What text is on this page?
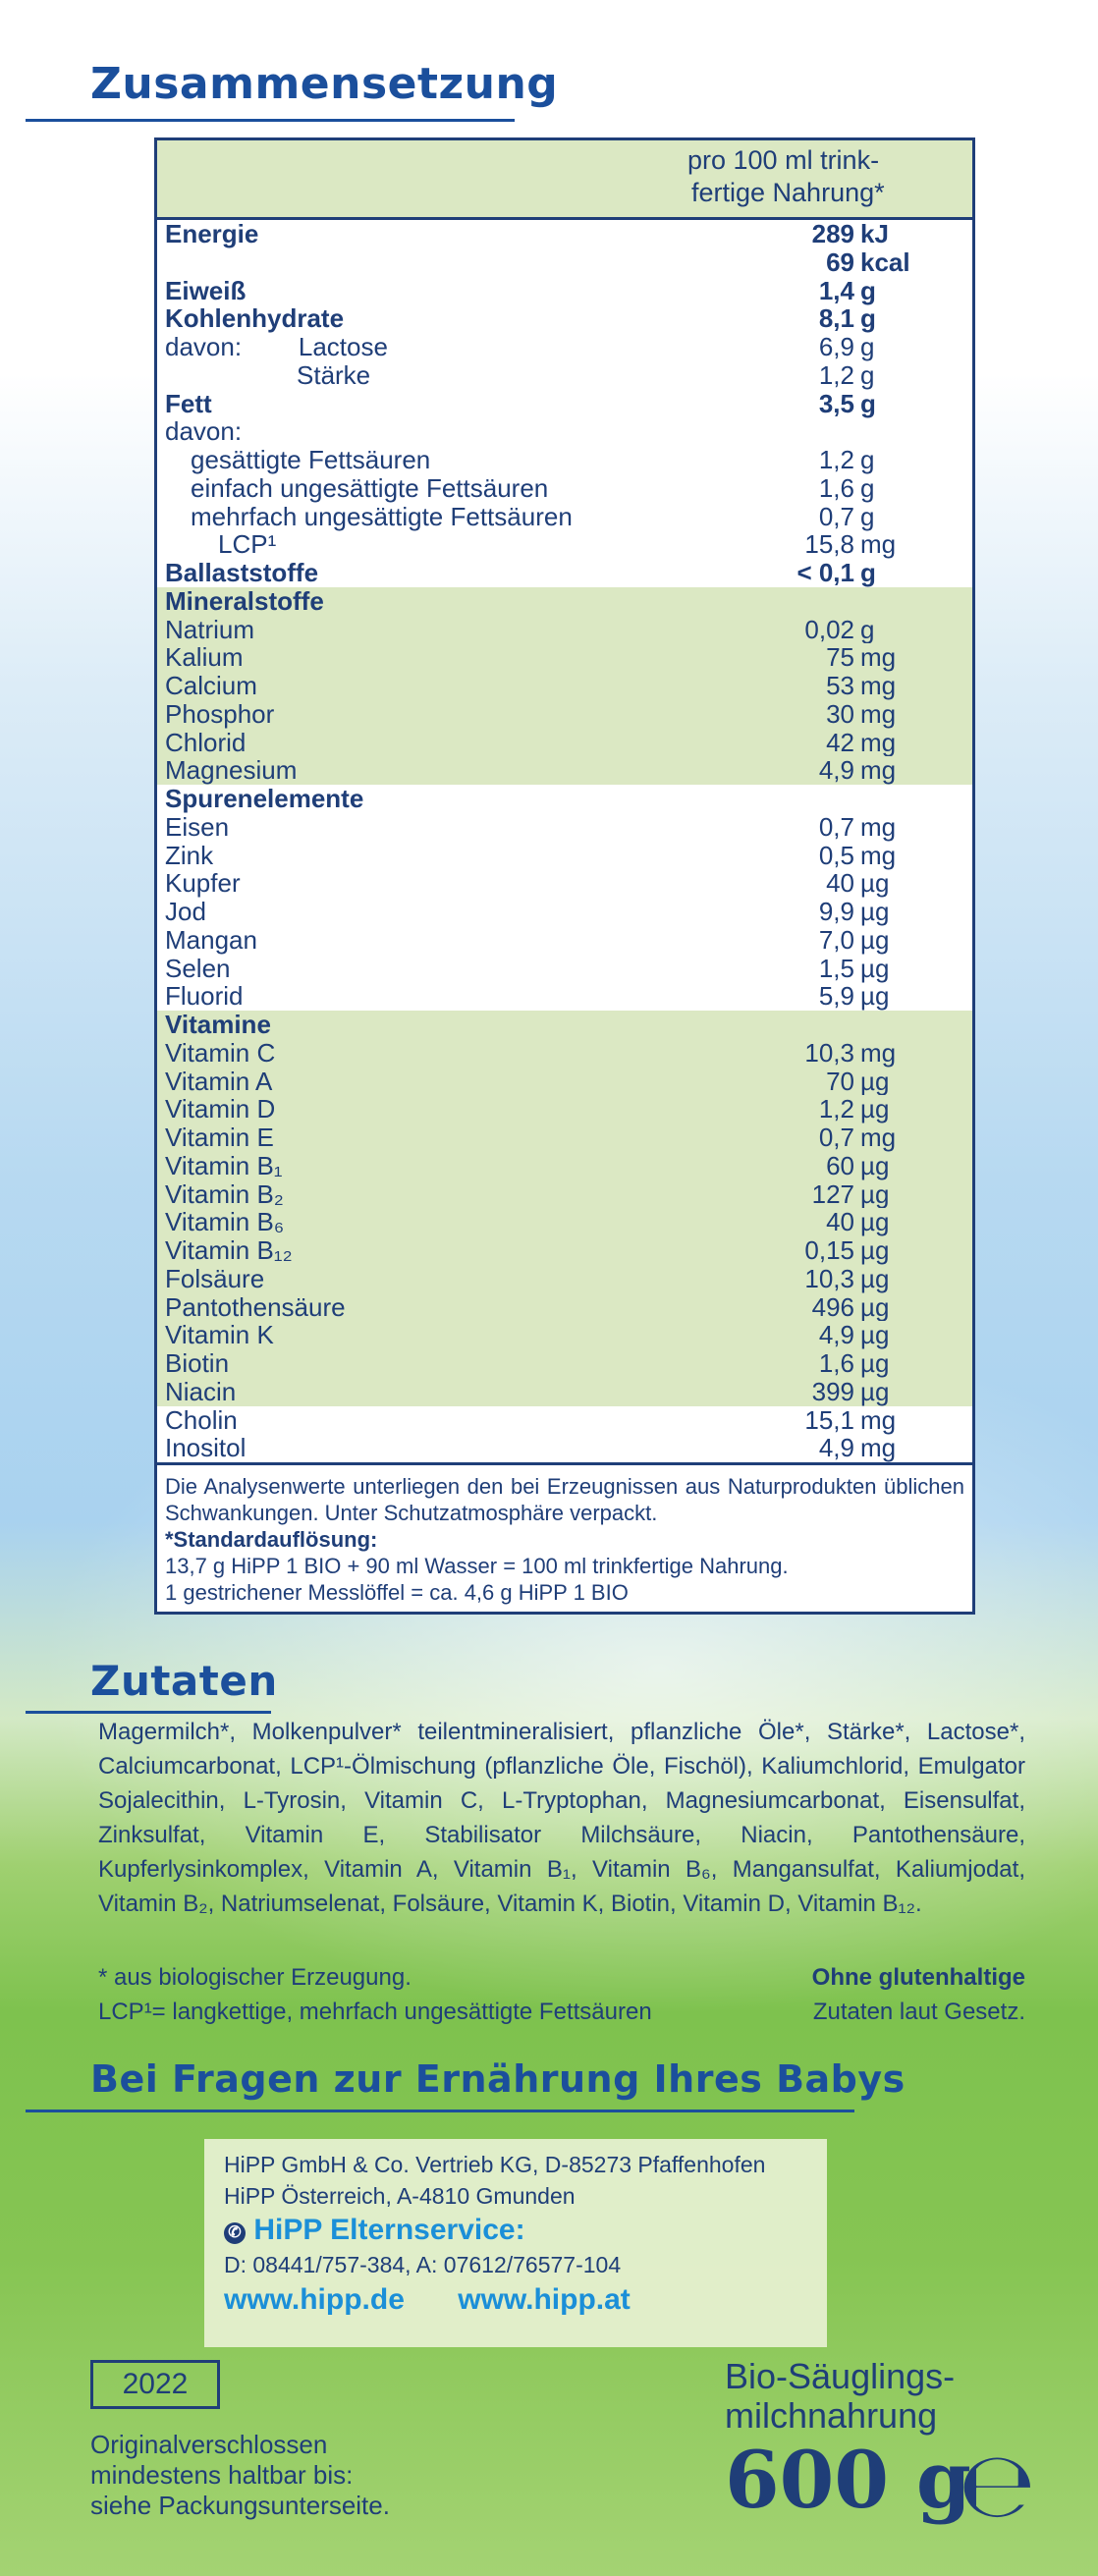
Zusammensetzung
pro 100 ml trink-
fertige Nahrung*
Energie	289 kJ
69 kcal
Eiweiß	1,4 g
Kohlenhydrate	8,1 g
davon:        Lactose	6,9 g
Stärke	1,2 g
Fett	3,5 g
davon:
gesättigte Fettsäuren	1,2 g
einfach ungesättigte Fettsäuren	1,6 g
mehrfach ungesättigte Fettsäuren	0,7 g
LCP¹	15,8 mg
Ballaststoffe	< 0,1 g
Mineralstoffe
Natrium	0,02 g
Kalium	75 mg
Calcium	53 mg
Phosphor	30 mg
Chlorid	42 mg
Magnesium	4,9 mg
Spurenelemente
Eisen	0,7 mg
Zink	0,5 mg
Kupfer	40 µg
Jod	9,9 µg
Mangan	7,0 µg
Selen	1,5 µg
Fluorid	5,9 µg
Vitamine
Vitamin C	10,3 mg
Vitamin A	70 µg
Vitamin D	1,2 µg
Vitamin E	0,7 mg
Vitamin B₁	60 µg
Vitamin B₂	127 µg
Vitamin B₆	40 µg
Vitamin B₁₂	0,15 µg
Folsäure	10,3 µg
Pantothensäure	496 µg
Vitamin K	4,9 µg
Biotin	1,6 µg
Niacin	399 µg
Cholin	15,1 mg
Inositol	4,9 mg
Die Analysenwerte unterliegen den bei Erzeugnissen aus Naturprodukten üblichen Schwankungen. Unter Schutzatmosphäre verpackt.
*Standardauflösung:
13,7 g HiPP 1 BIO + 90 ml Wasser = 100 ml trinkfertige Nahrung.
1 gestrichener Messlöffel = ca. 4,6 g HiPP 1 BIO
Zutaten
Magermilch*, Molkenpulver* teilentmineralisiert, pflanzliche Öle*, Stärke*, Lactose*, Calciumcarbonat, LCP¹-Ölmischung (pflanzliche Öle, Fischöl), Kaliumchlorid, Emulgator Sojalecithin, L-Tyrosin, Vitamin C, L-Tryptophan, Magnesiumcarbonat, Eisensulfat, Zinksulfat, Vitamin E, Stabilisator Milchsäure, Niacin, Pantothensäure, Kupferlysinkomplex, Vitamin A, Vitamin B₁, Vitamin B₆, Mangansulfat, Kaliumjodat, Vitamin B₂, Natriumselenat, Folsäure, Vitamin K, Biotin, Vitamin D, Vitamin B₁₂.
* aus biologischer Erzeugung.
LCP¹= langkettige, mehrfach ungesättigte Fettsäuren
Ohne glutenhaltige
Zutaten laut Gesetz.
Bei Fragen zur Ernährung Ihres Babys
HiPP GmbH & Co. Vertrieb KG, D-85273 Pfaffenhofen
HiPP Österreich, A-4810 Gmunden
✆ HiPP Elternservice:
D: 08441/757-384, A: 07612/76577-104
www.hipp.de www.hipp.at
2022
Originalverschlossen
mindestens haltbar bis:
siehe Packungsunterseite.
Bio-Säuglings-
milchnahrung
600 g
℮
